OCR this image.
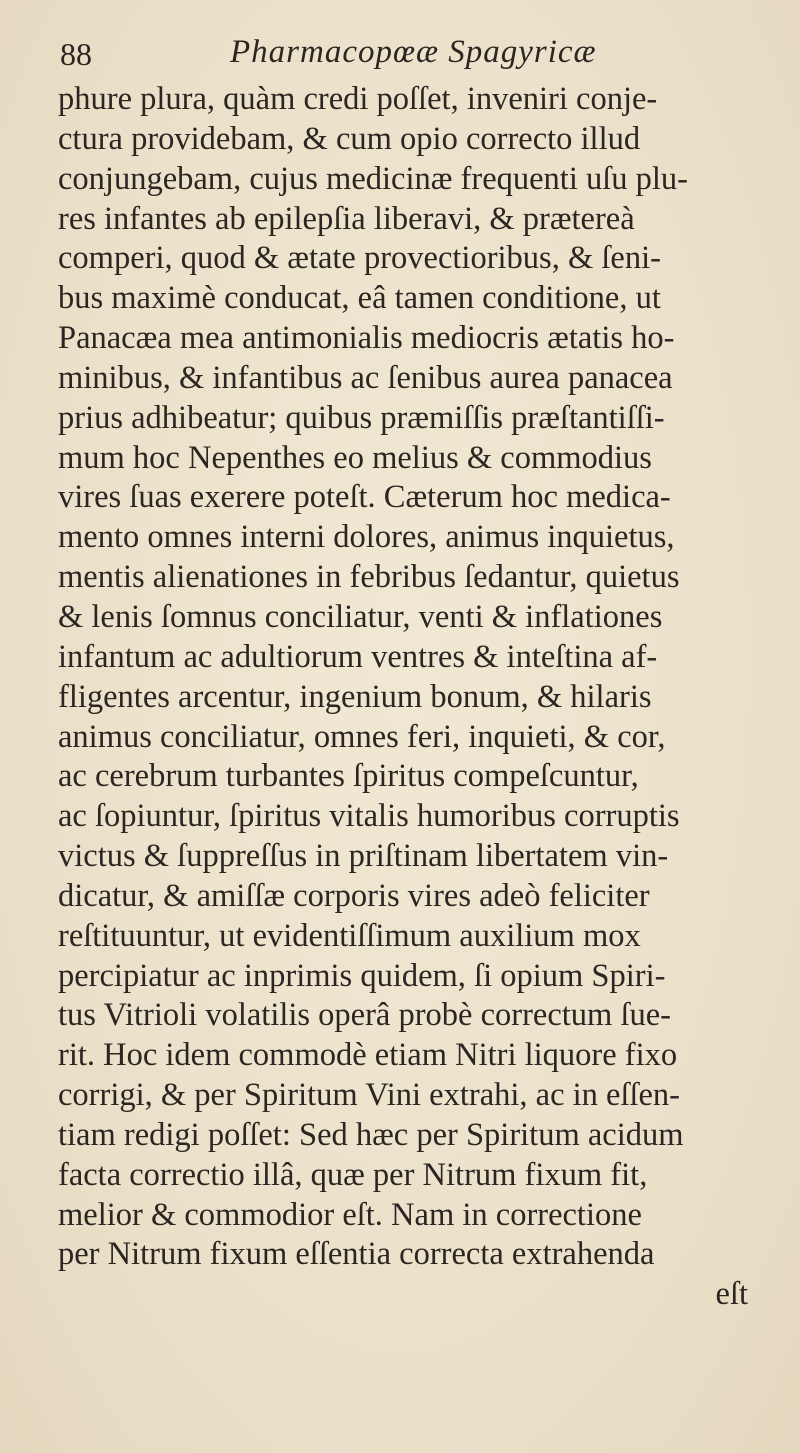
88	Pharmacopœæ Spagyricæ
phure plura, quàm credi poſſet, inveniri conje-
ctura providebam, & cum opio correcto illud
conjungebam, cujus medicinæ frequenti uſu plu-
res infantes ab epilepſia liberavi, & prætereà
comperi, quod & ætate provectioribus, & ſeni-
bus maximè conducat, eâ tamen conditione, ut
Panacæa mea antimonialis mediocris ætatis ho-
minibus, & infantibus ac ſenibus aurea panacea
prius adhibeatur; quibus præmiſſis præſtantiſſi-
mum hoc Nepenthes eo melius & commodius
vires ſuas exerere poteſt. Cæterum hoc medica-
mento omnes interni dolores, animus inquietus,
mentis alienationes in febribus ſedantur, quietus
& lenis ſomnus conciliatur, venti & inflationes
infantum ac adultiorum ventres & inteſtina af-
fligentes arcentur, ingenium bonum, & hilaris
animus conciliatur, omnes feri, inquieti, & cor,
ac cerebrum turbantes ſpiritus compeſcuntur,
ac ſopiuntur, ſpiritus vitalis humoribus corruptis
victus & ſuppreſſus in priſtinam libertatem vin-
dicatur, & amiſſæ corporis vires adeò feliciter
reſtituuntur, ut evidentiſſimum auxilium mox
percipiatur ac inprimis quidem, ſi opium Spiri-
tus Vitrioli volatilis operâ probè correctum ſue-
rit. Hoc idem commodè etiam Nitri liquore fixo
corrigi, & per Spiritum Vini extrahi, ac in eſſen-
tiam redigi poſſet: Sed hæc per Spiritum acidum
facta correctio illâ, quæ per Nitrum fixum fit,
melior & commodior eſt. Nam in correctione
per Nitrum fixum eſſentia correcta extrahenda
eſt
